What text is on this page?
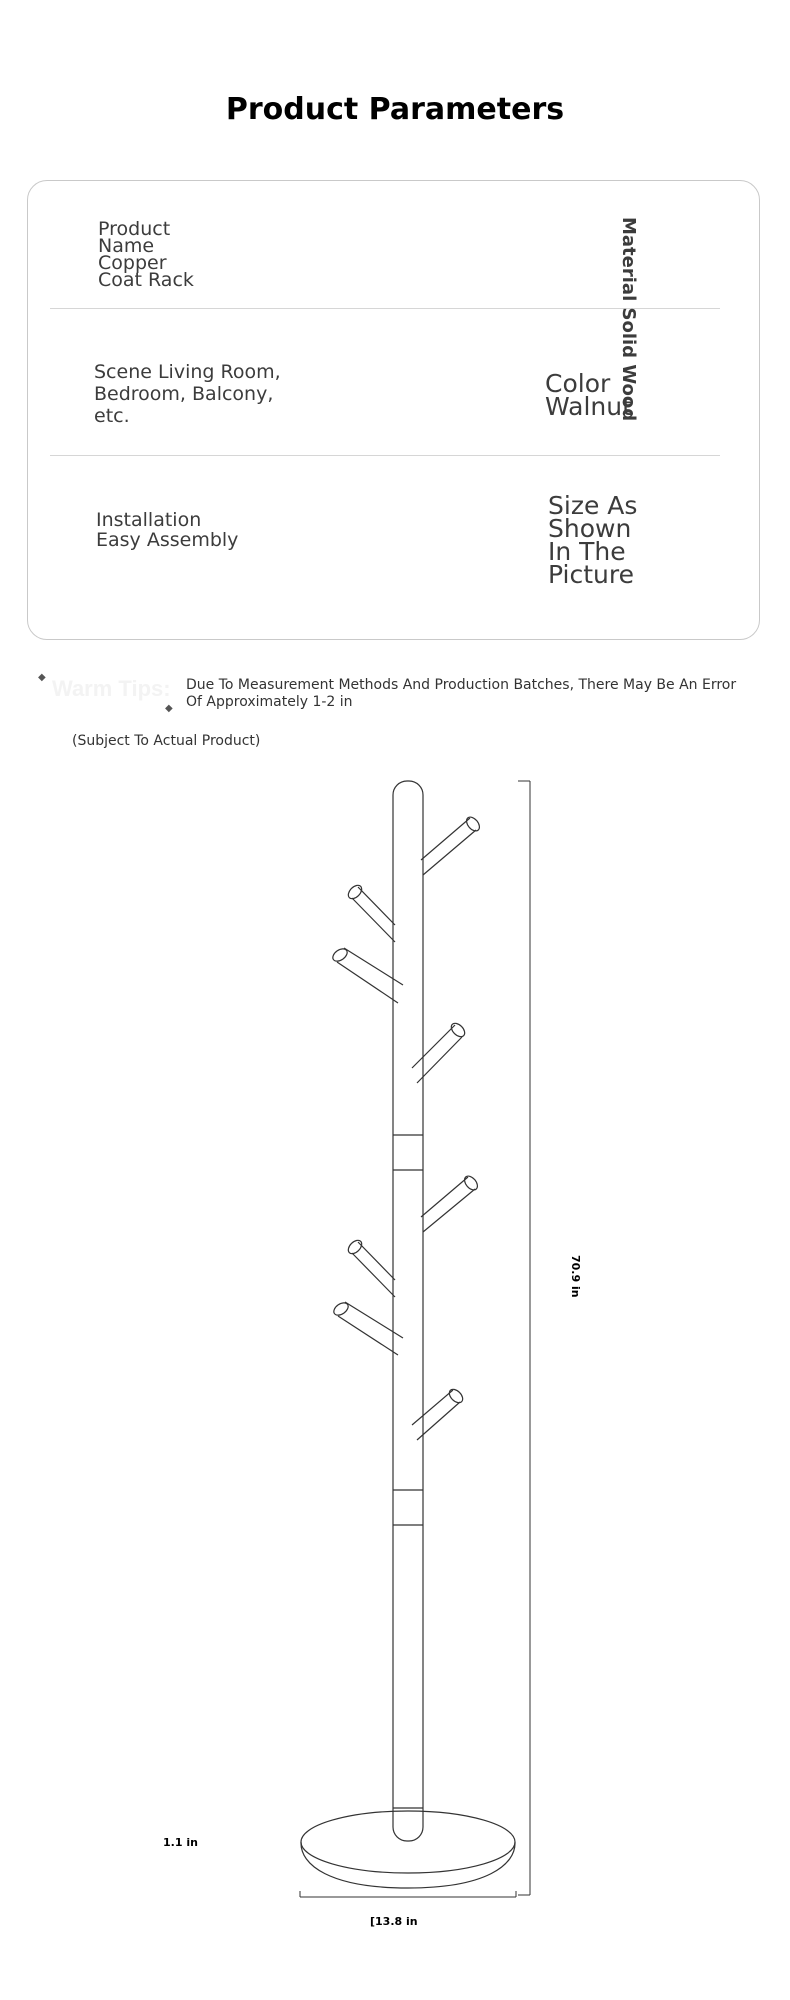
Product Parameters
Product Name Copper Coat Rack	Material Solid Wood
Scene Living Room, Bedroom, Balcony, etc.
Color Walnut
Installation Easy Assembly
Size As Shown In The Picture
◆ Warm Tips:
◆
Due To Measurement Methods And Production Batches, There May Be An Error Of Approximately 1-2 in
(Subject To Actual Product)
70.9 in
1.1 in
[13.8 in
